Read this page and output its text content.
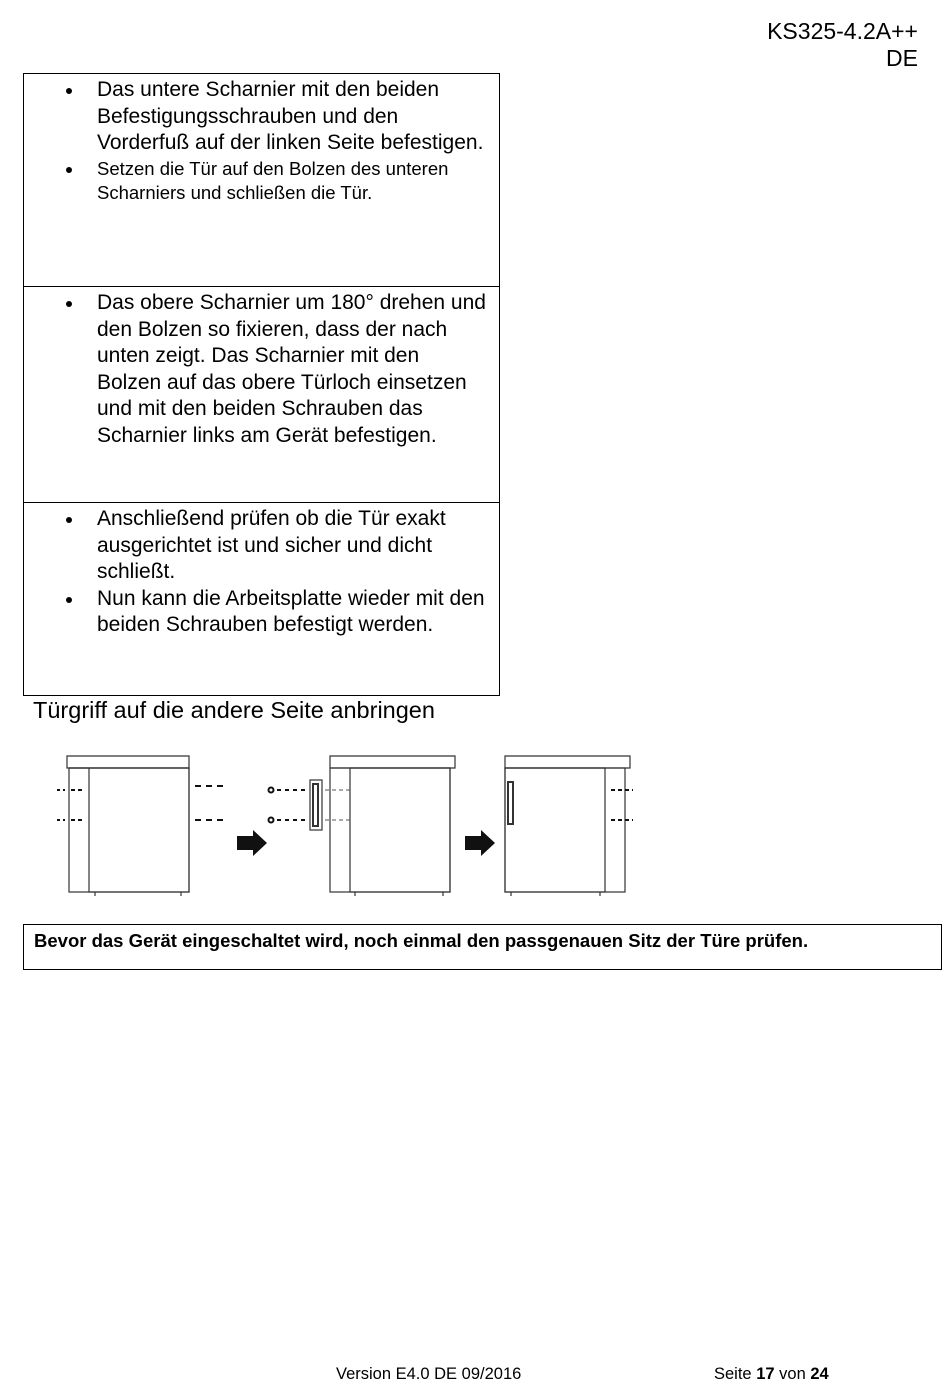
KS325-4.2A++
DE
Das untere Scharnier mit den beiden Befestigungsschrauben und den Vorderfuß auf der linken Seite befestigen.
Setzen die Tür auf den Bolzen des unteren Scharniers und schließen die Tür.
Das obere Scharnier um 180° drehen und den Bolzen so fixieren, dass der nach unten zeigt. Das Scharnier mit den Bolzen auf das obere Türloch einsetzen und mit den beiden Schrauben das Scharnier links am Gerät befestigen.
Anschließend prüfen ob die Tür exakt ausgerichtet ist und sicher und dicht schließt.
Nun kann die Arbeitsplatte wieder mit den beiden Schrauben befestigt werden.
Türgriff auf die andere Seite anbringen
Bevor das Gerät eingeschaltet wird, noch einmal den passgenauen Sitz der Türe prüfen.
Version E4.0 DE 09/2016	Seite 17 von 24
